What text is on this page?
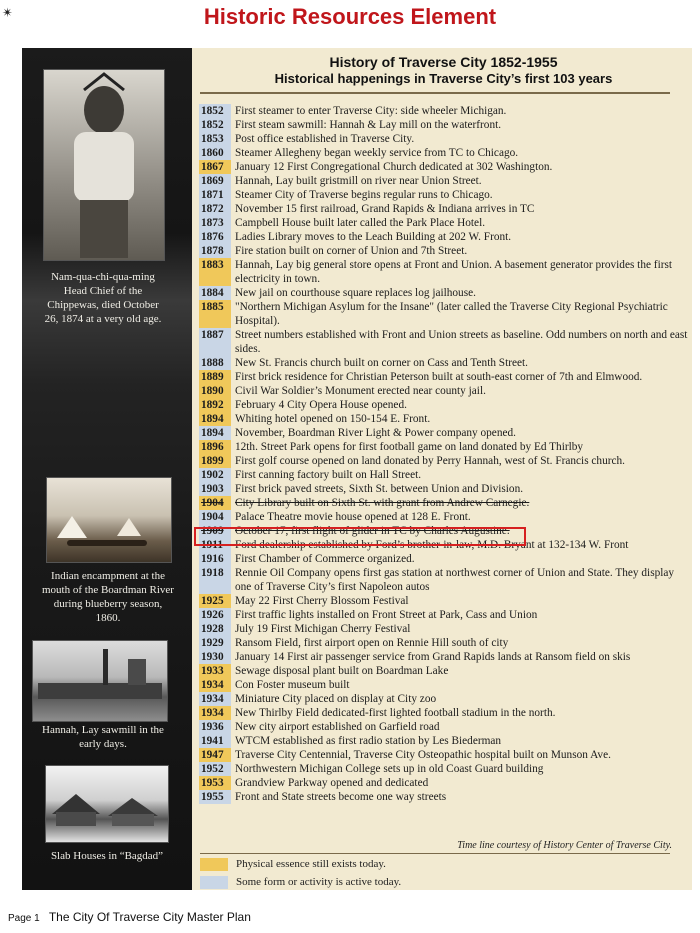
✴	Historic Resources Element
Nam-qua-chi-qua-ming Head Chief of the Chippewas, died October 26, 1874 at a very old age.
Indian encampment at the mouth of the Boardman River during blueberry season, 1860.
Hannah, Lay sawmill in the early days.
Slab Houses in “Bagdad”
History of Traverse City 1852-1955
Historical happenings in Traverse City’s first 103 years
1852	First steamer to enter Traverse City: side wheeler Michigan.
1852	First steam sawmill: Hannah & Lay mill on the waterfront.
1853	Post office established in Traverse City.
1860	Steamer Allegheny began weekly service from TC to Chicago.
1867	January 12 First Congregational Church dedicated at 302 Washington.
1869	Hannah, Lay built gristmill on river near Union Street.
1871	Steamer City of Traverse begins regular runs to Chicago.
1872	November 15 first railroad, Grand Rapids & Indiana arrives in TC
1873	Campbell House built later called the Park Place Hotel.
1876	Ladies Library moves to the Leach Building at 202 W. Front.
1878	Fire station built on corner of Union and 7th Street.
1883	Hannah, Lay big general store opens at Front and Union. A basement generator provides the first electricity in town.
1884	New jail on courthouse square replaces log jailhouse.
1885	"Northern Michigan Asylum for the Insane" (later called the Traverse City Regional Psychiatric Hospital).
1887	Street numbers established with Front and Union streets as baseline. Odd numbers on north and east sides.
1888	New St. Francis church built on corner on Cass and Tenth Street.
1889	First brick residence for Christian Peterson built at south-east corner of 7th and Elmwood.
1890	Civil War Soldier’s Monument erected near county jail.
1892	February 4 City Opera House opened.
1894	Whiting hotel opened on 150-154 E. Front.
1894	November, Boardman River Light & Power company opened.
1896	12th. Street Park opens for first football game on land donated by Ed Thirlby
1899	First golf course opened on land donated by Perry Hannah, west of St. Francis church.
1902	First canning factory built on Hall Street.
1903	First brick paved streets, Sixth St. between Union and Division.
1904	City Library built on Sixth St. with grant from Andrew Carnegie.
1904	Palace Theatre movie house opened at 128 E. Front.
1909	October 17, first flight of glider in TC by Charles Augustine.
1911	Ford dealership established by Ford’s brother-in-law, M.D. Bryant at 132-134 W. Front
1916	First Chamber of Commerce organized.
1918	Rennie Oil Company opens first gas station at northwest corner of Union and State. They display one of Traverse City’s first Napoleon autos
1925	May 22 First Cherry Blossom Festival
1926	First traffic lights installed on Front Street at Park, Cass and Union
1928	July 19 First Michigan Cherry Festival
1929	Ransom Field, first airport open on Rennie Hill south of city
1930	January 14 First air passenger service from Grand Rapids lands at Ransom field on skis
1933	Sewage disposal plant built on Boardman Lake
1934	Con Foster museum built
1934	Miniature City placed on display at City zoo
1934	New Thirlby Field dedicated-first lighted football stadium in the north.
1936	New city airport established on Garfield road
1941	WTCM established as first radio station by Les Biederman
1947	Traverse City Centennial, Traverse City Osteopathic hospital built on Munson Ave.
1952	Northwestern Michigan College sets up in old Coast Guard building
1953	Grandview Parkway opened and dedicated
1955	Front and State streets become one way streets
Time line courtesy of History Center of Traverse City.
Physical essence still exists today.
Some form or activity is active today.
Page 1 The City Of Traverse City Master Plan
